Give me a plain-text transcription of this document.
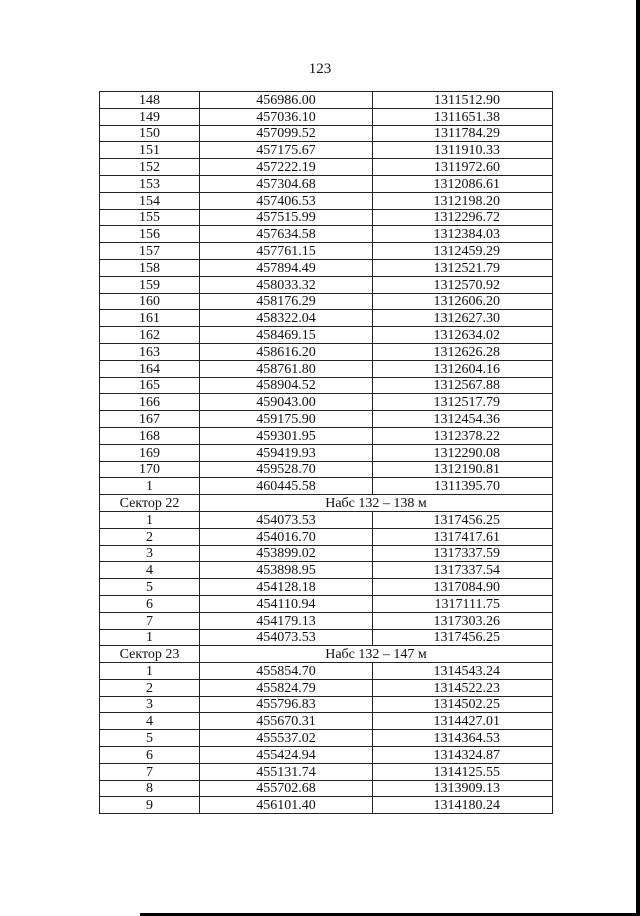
123
148	456986.00	1311512.90
149	457036.10	1311651.38
150	457099.52	1311784.29
151	457175.67	1311910.33
152	457222.19	1311972.60
153	457304.68	1312086.61
154	457406.53	1312198.20
155	457515.99	1312296.72
156	457634.58	1312384.03
157	457761.15	1312459.29
158	457894.49	1312521.79
159	458033.32	1312570.92
160	458176.29	1312606.20
161	458322.04	1312627.30
162	458469.15	1312634.02
163	458616.20	1312626.28
164	458761.80	1312604.16
165	458904.52	1312567.88
166	459043.00	1312517.79
167	459175.90	1312454.36
168	459301.95	1312378.22
169	459419.93	1312290.08
170	459528.70	1312190.81
1	460445.58	1311395.70
Сектор 22	Набс 132 – 138 м	
1	454073.53	1317456.25
2	454016.70	1317417.61
3	453899.02	1317337.59
4	453898.95	1317337.54
5	454128.18	1317084.90
6	454110.94	1317111.75
7	454179.13	1317303.26
1	454073.53	1317456.25
Сектор 23	Набс 132 – 147 м	
1	455854.70	1314543.24
2	455824.79	1314522.23
3	455796.83	1314502.25
4	455670.31	1314427.01
5	455537.02	1314364.53
6	455424.94	1314324.87
7	455131.74	1314125.55
8	455702.68	1313909.13
9	456101.40	1314180.24
